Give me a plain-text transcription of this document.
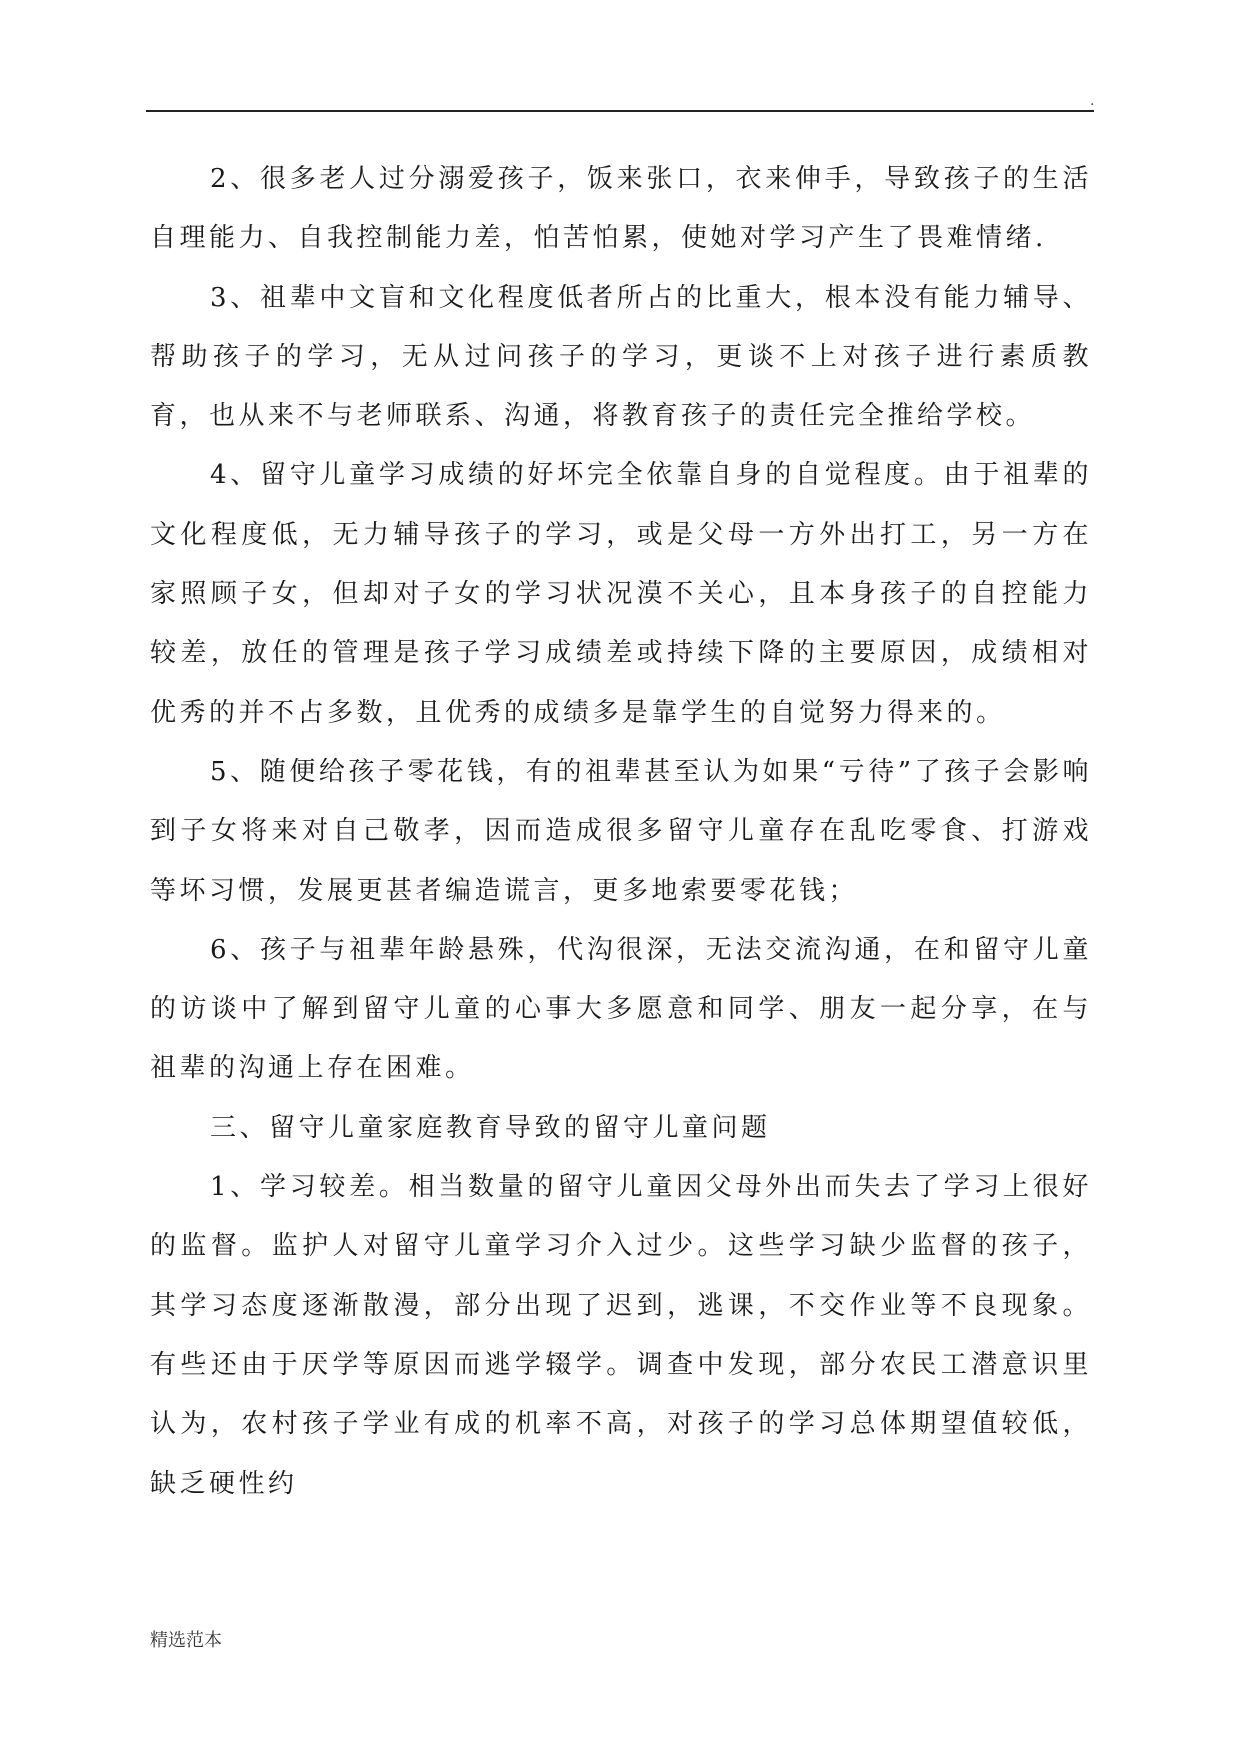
.

2、很多老人过分溺爱孩子，饭来张口，衣来伸手，导致孩子的生活自理能力、自我控制能力差，怕苦怕累，使她对学习产生了畏难情绪.

3、祖辈中文盲和文化程度低者所占的比重大，根本没有能力辅导、帮助孩子的学习，无从过问孩子的学习，更谈不上对孩子进行素质教育，也从来不与老师联系、沟通，将教育孩子的责任完全推给学校。

4、留守儿童学习成绩的好坏完全依靠自身的自觉程度。由于祖辈的文化程度低，无力辅导孩子的学习，或是父母一方外出打工，另一方在家照顾子女，但却对子女的学习状况漠不关心，且本身孩子的自控能力较差，放任的管理是孩子学习成绩差或持续下降的主要原因，成绩相对优秀的并不占多数，且优秀的成绩多是靠学生的自觉努力得来的。

5、随便给孩子零花钱，有的祖辈甚至认为如果“亏待”了孩子会影响到子女将来对自己敬孝，因而造成很多留守儿童存在乱吃零食、打游戏等坏习惯，发展更甚者编造谎言，更多地索要零花钱；

6、孩子与祖辈年龄悬殊，代沟很深，无法交流沟通，在和留守儿童的访谈中了解到留守儿童的心事大多愿意和同学、朋友一起分享，在与祖辈的沟通上存在困难。

三、留守儿童家庭教育导致的留守儿童问题

1、学习较差。相当数量的留守儿童因父母外出而失去了学习上很好的监督。监护人对留守儿童学习介入过少。这些学习缺少监督的孩子，其学习态度逐渐散漫，部分出现了迟到，逃课，不交作业等不良现象。有些还由于厌学等原因而逃学辍学。调查中发现，部分农民工潜意识里认为，农村孩子学业有成的机率不高，对孩子的学习总体期望值较低，缺乏硬性约

精选范本
